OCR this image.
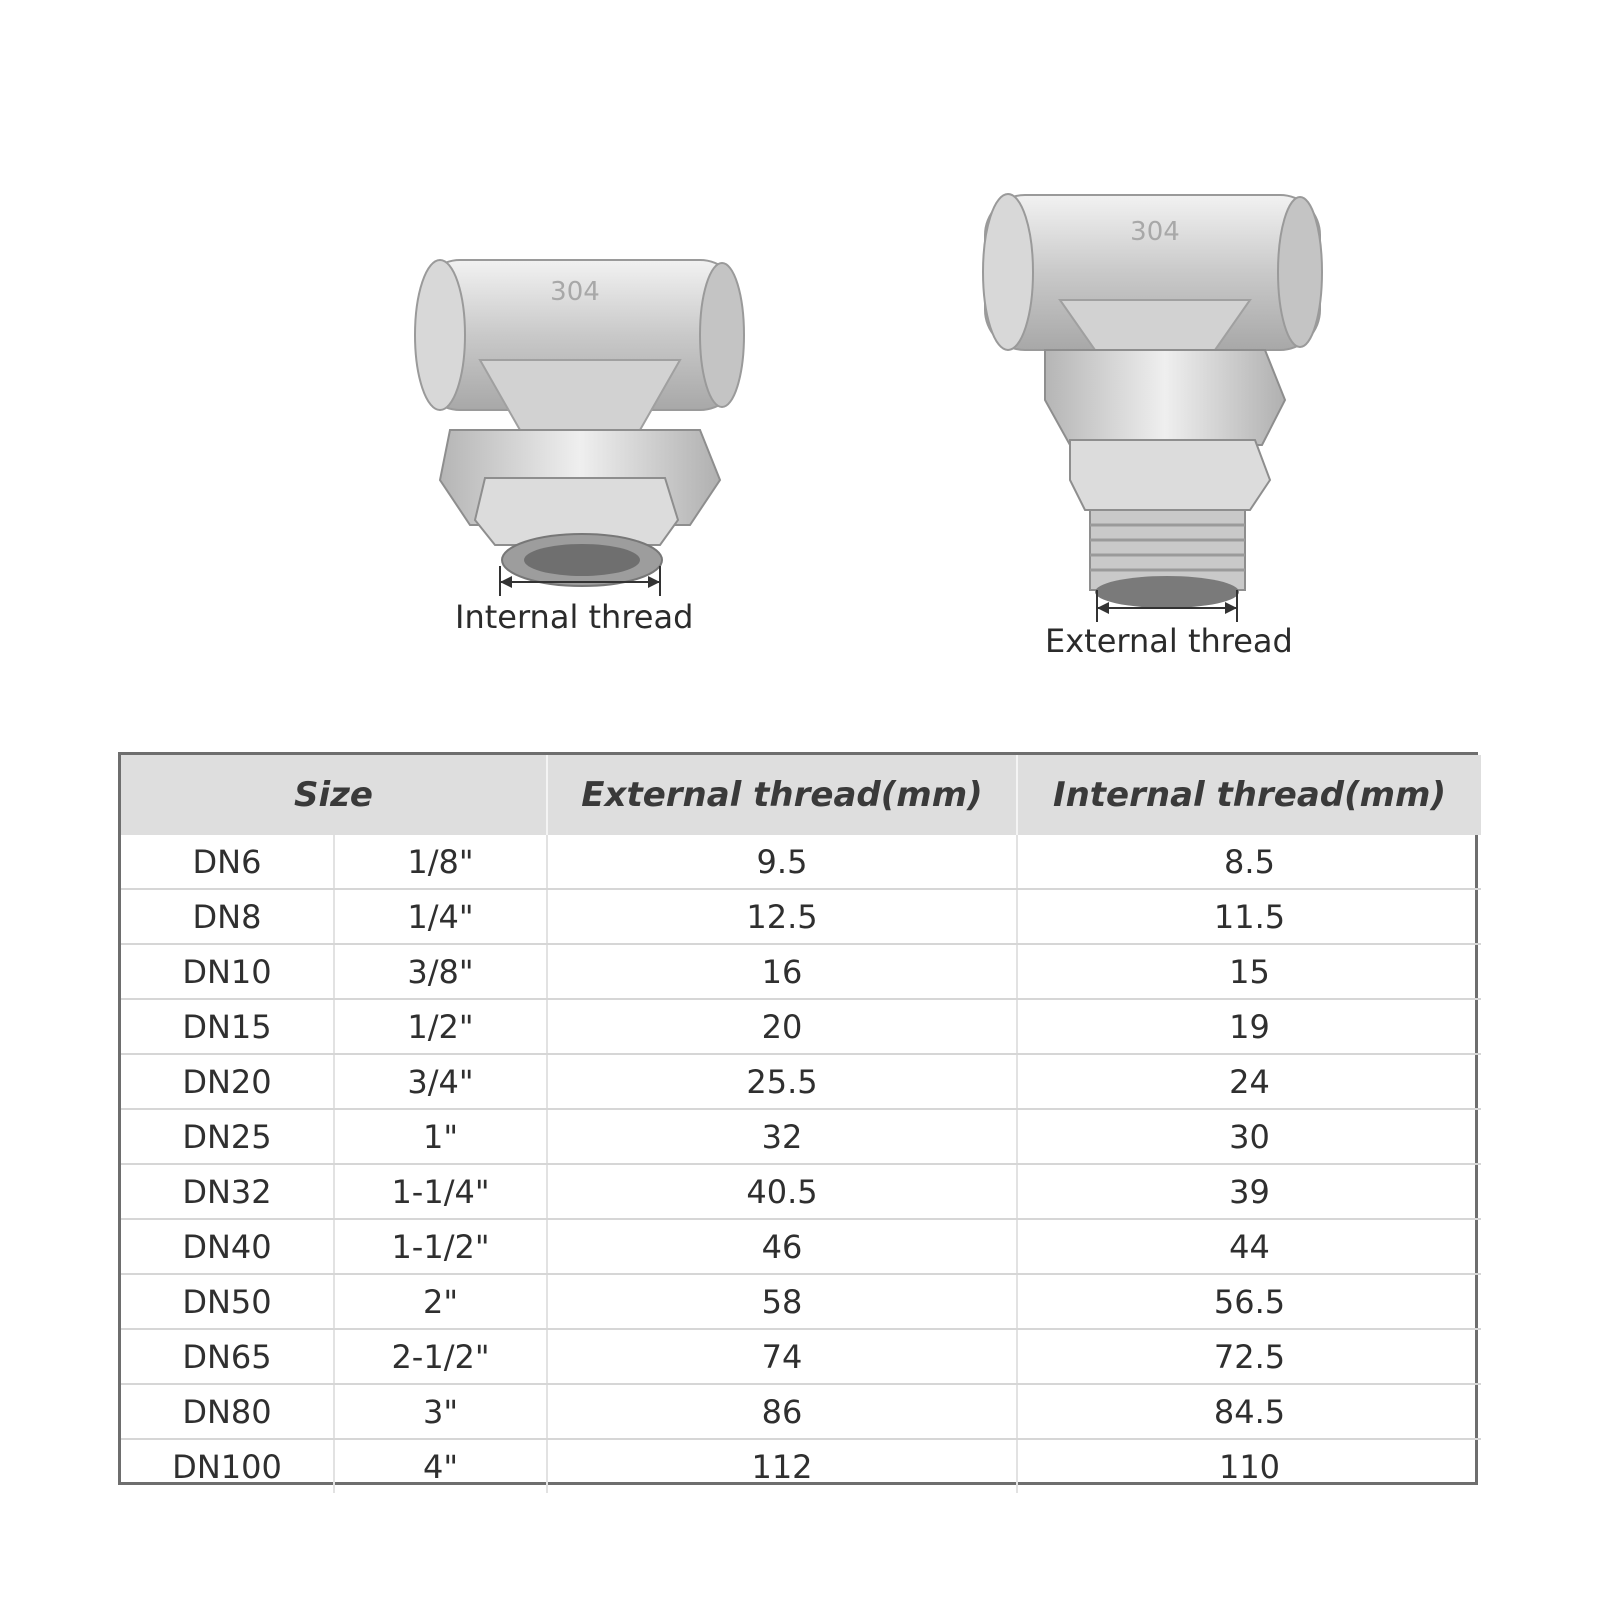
304
304
Internal thread
External thread
Size		External thread(mm)	Internal thread(mm)
DN6	1/8"	9.5	8.5
DN8	1/4"	12.5	11.5
DN10	3/8"	16	15
DN15	1/2"	20	19
DN20	3/4"	25.5	24
DN25	1"	32	30
DN32	1-1/4"	40.5	39
DN40	1-1/2"	46	44
DN50	2"	58	56.5
DN65	2-1/2"	74	72.5
DN80	3"	86	84.5
DN100	4"	112	110
